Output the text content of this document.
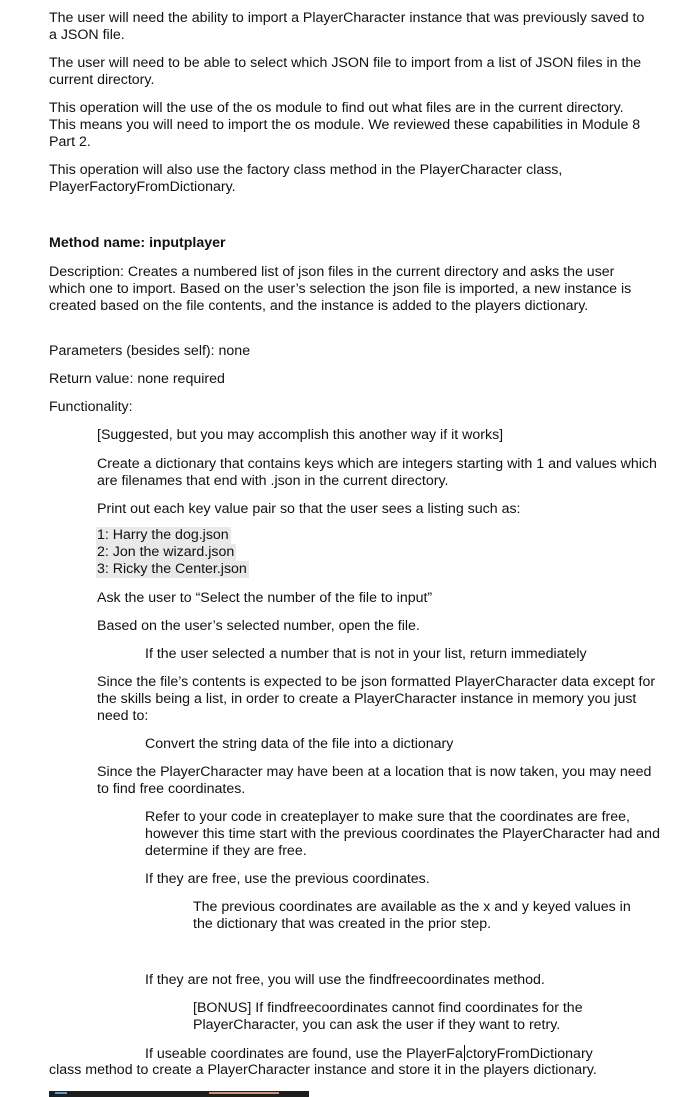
The user will need the ability to import a PlayerCharacter instance that was previously saved to a JSON file.

The user will need to be able to select which JSON file to import from a list of JSON files in the current directory.

This operation will the use of the os module to find out what files are in the current directory. This means you will need to import the os module. We reviewed these capabilities in Module 8 Part 2.

This operation will also use the factory class method in the PlayerCharacter class, PlayerFactoryFromDictionary.

Method name: inputplayer

Description: Creates a numbered list of json files in the current directory and asks the user which one to import. Based on the user’s selection the json file is imported, a new instance is created based on the file contents, and the instance is added to the players dictionary.

Parameters (besides self): none

Return value: none required

Functionality:

[Suggested, but you may accomplish this another way if it works]

Create a dictionary that contains keys which are integers starting with 1 and values which are filenames that end with .json in the current directory.

Print out each key value pair so that the user sees a listing such as:

1: Harry the dog.json
2: Jon the wizard.json
3: Ricky the Center.json

Ask the user to “Select the number of the file to input”

Based on the user’s selected number, open the file.

If the user selected a number that is not in your list, return immediately

Since the file’s contents is expected to be json formatted PlayerCharacter data except for the skills being a list, in order to create a PlayerCharacter instance in memory you just need to:

Convert the string data of the file into a dictionary

Since the PlayerCharacter may have been at a location that is now taken, you may need to find free coordinates.

Refer to your code in createplayer to make sure that the coordinates are free, however this time start with the previous coordinates the PlayerCharacter had and determine if they are free.

If they are free, use the previous coordinates.

The previous coordinates are available as the x and y keyed values in the dictionary that was created in the prior step.

If they are not free, you will use the findfreecoordinates method.

[BONUS] If findfreecoordinates cannot find coordinates for the PlayerCharacter, you can ask the user if they want to retry.

If useable coordinates are found, use the PlayerFa ctoryFromDictionary

class method to create a PlayerCharacter instance and store it in the players dictionary.
